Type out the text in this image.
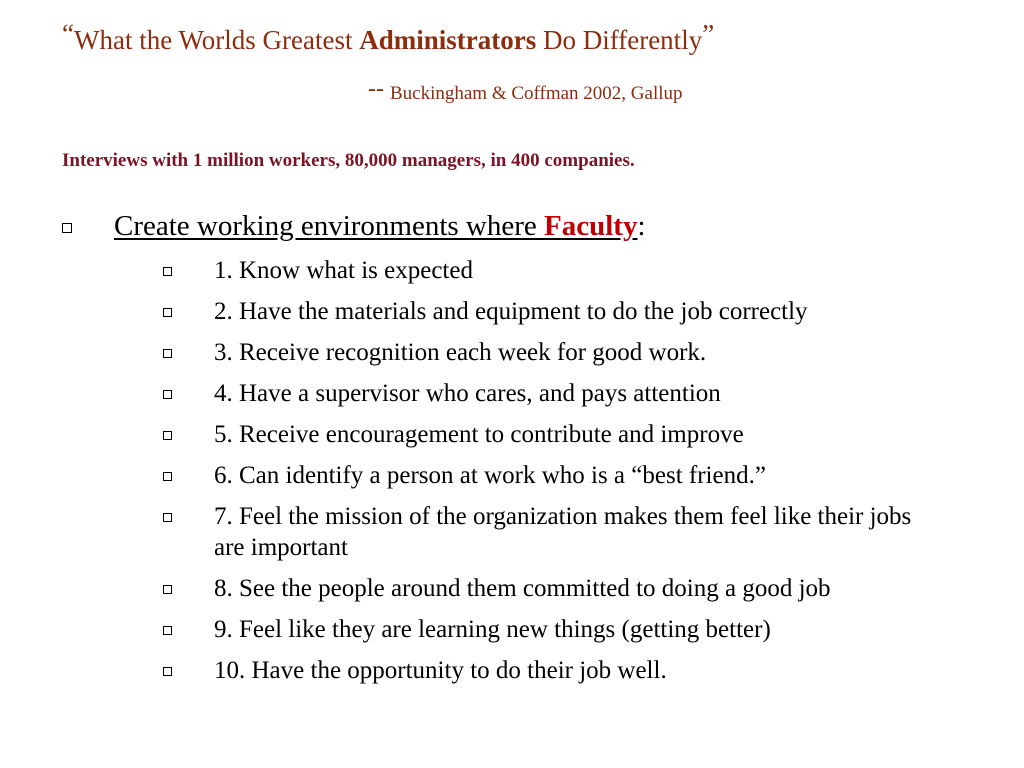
“What the Worlds Greatest Administrators Do Differently”
-- Buckingham & Coffman 2002, Gallup
Interviews with 1 million workers, 80,000 managers, in 400 companies.
Create working environments where Faculty:
1. Know what is expected
2. Have the materials and equipment to do the job correctly
3. Receive recognition each week for good work.
4. Have a supervisor who cares, and pays attention
5. Receive encouragement to contribute and improve
6. Can identify a person at work who is a “best friend.”
7. Feel the mission of the organization makes them feel like their jobs are important
8. See the people around them committed to doing a good job
9. Feel like they are learning new things (getting better)
10. Have the opportunity to do their job well.
